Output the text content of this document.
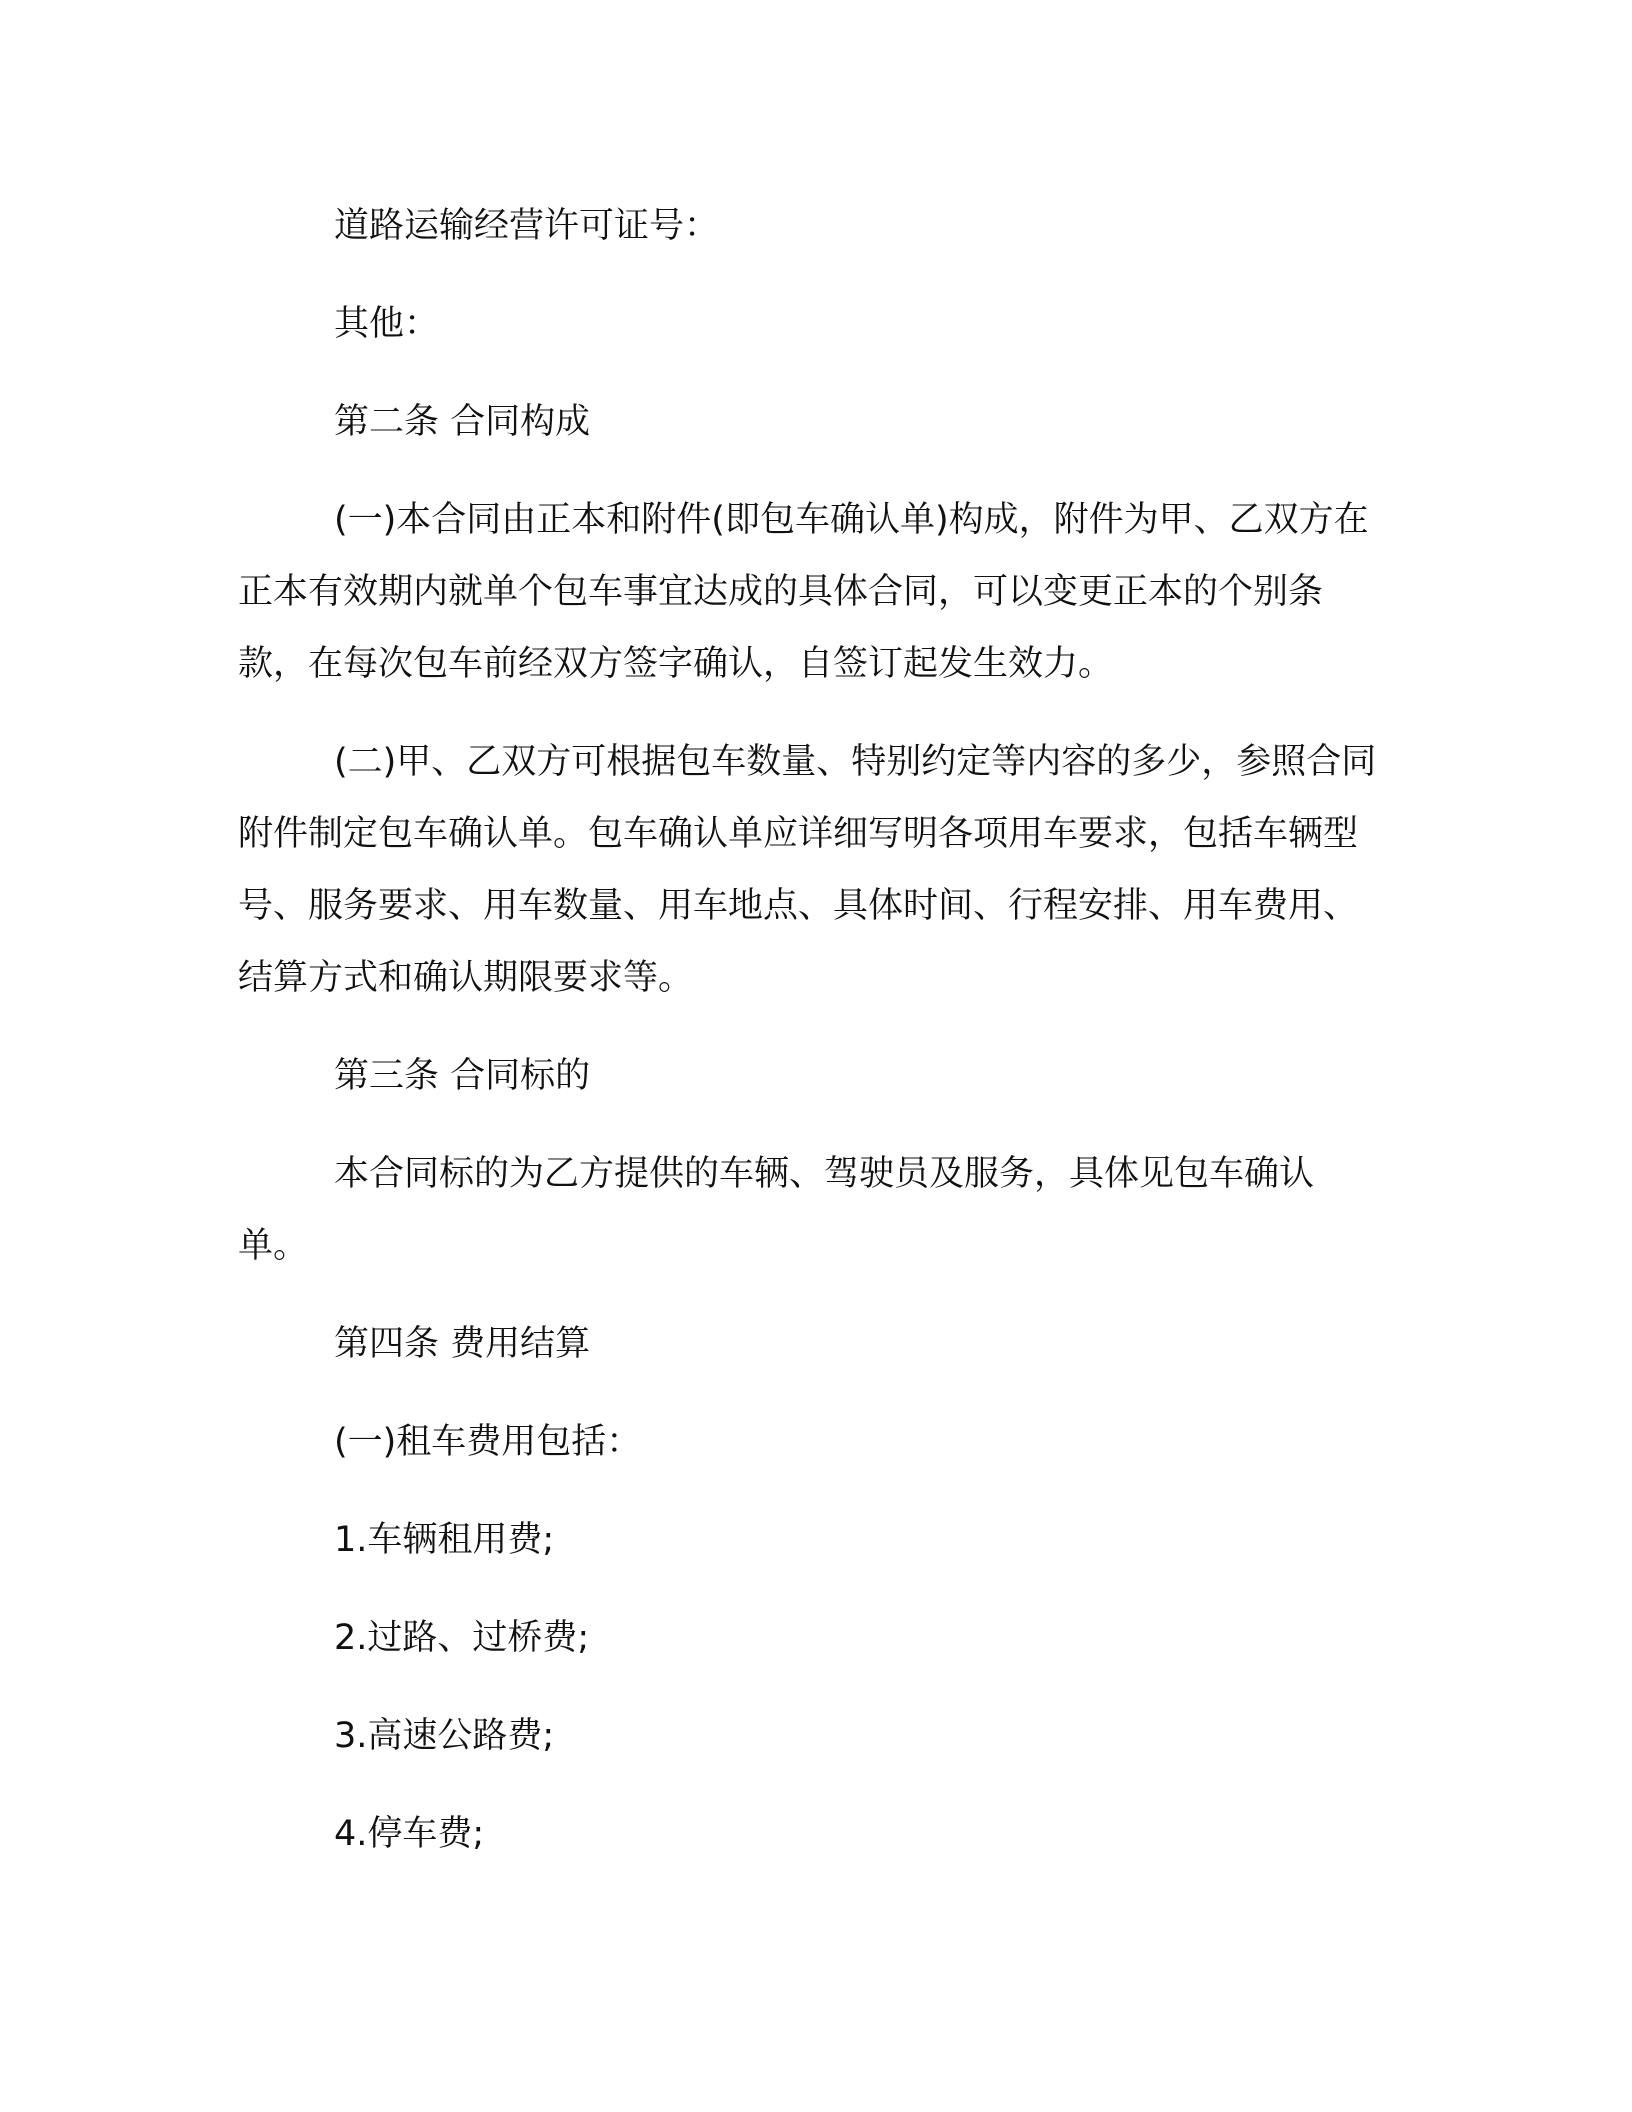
道路运输经营许可证号：

其他：

第二条 合同构成

(一)本合同由正本和附件(即包车确认单)构成，附件为甲、乙双方在正本有效期内就单个包车事宜达成的具体合同，可以变更正本的个别条款，在每次包车前经双方签字确认，自签订起发生效力。

(二)甲、乙双方可根据包车数量、特别约定等内容的多少，参照合同附件制定包车确认单。包车确认单应详细写明各项用车要求，包括车辆型号、服务要求、用车数量、用车地点、具体时间、行程安排、用车费用、结算方式和确认期限要求等。

第三条 合同标的

本合同标的为乙方提供的车辆、驾驶员及服务，具体见包车确认单。

第四条 费用结算

(一)租车费用包括：

1.车辆租用费;

2.过路、过桥费;

3.高速公路费;

4.停车费;
